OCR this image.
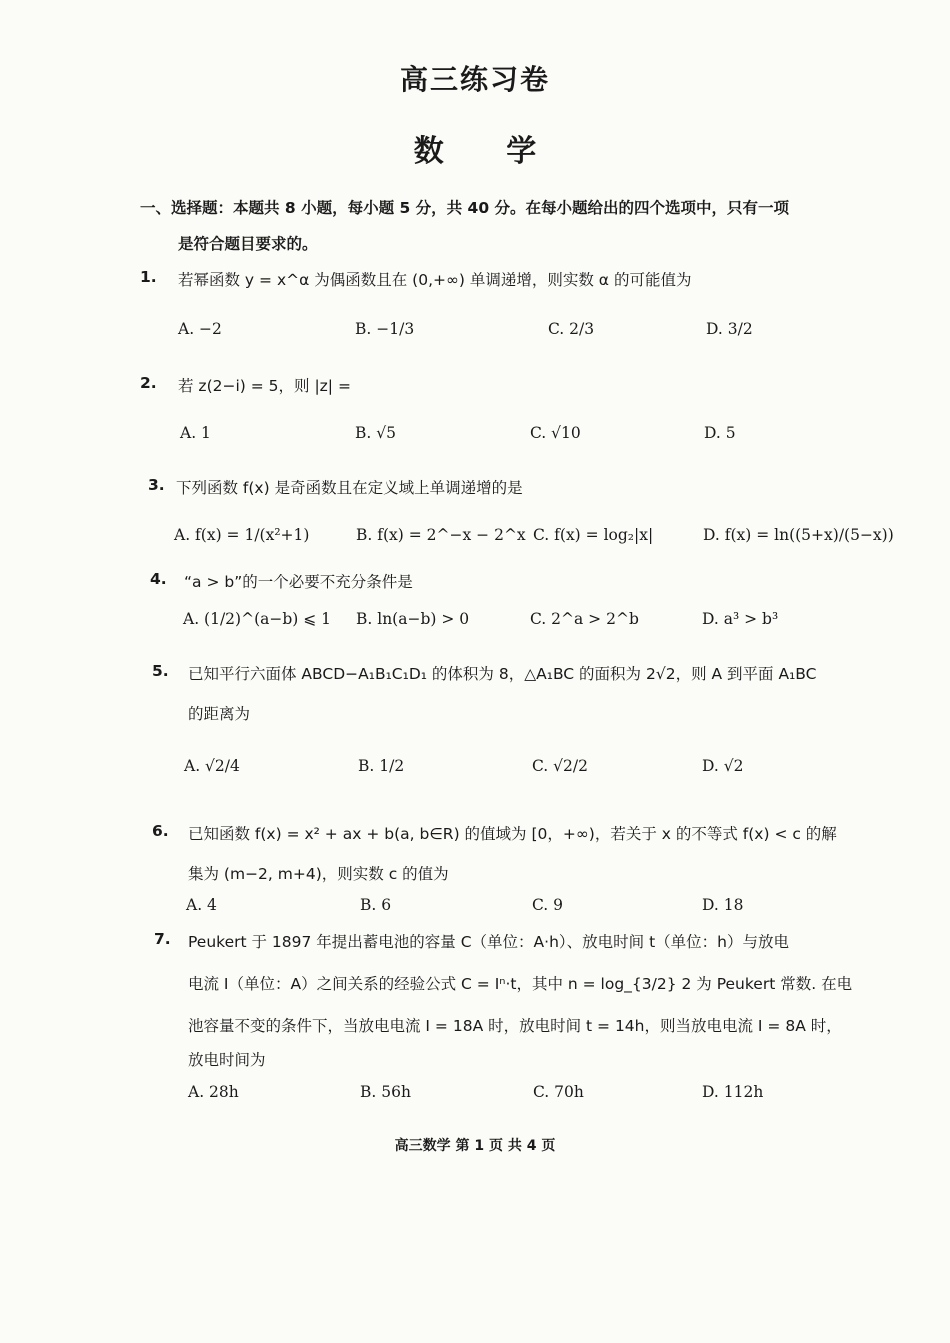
高三练习卷
数 学
一、选择题：本题共 8 小题，每小题 5 分，共 40 分。在每小题给出的四个选项中，只有一项
是符合题目要求的。
1. 若幂函数 y = x^α 为偶函数且在 (0,+∞) 单调递增，则实数 α 的可能值为
A. −2	B. −1/3	C. 2/3	D. 3/2
2. 若 z(2−i) = 5，则 |z| =
A. 1	B. √5	C. √10	D. 5
3. 下列函数 f(x) 是奇函数且在定义域上单调递增的是
A. f(x) = 1/(x²+1)	B. f(x) = 2^−x − 2^x C. f(x) = log₂|x|	D. f(x) = ln((5+x)/(5−x))
4. “a > b”的一个必要不充分条件是
A. (1/2)^(a−b) ⩽ 1 B. ln(a−b) > 0	C. 2^a > 2^b	D. a³ > b³
5. 已知平行六面体 ABCD−A₁B₁C₁D₁ 的体积为 8，△A₁BC 的面积为 2√2，则 A 到平面 A₁BC
的距离为
A. √2/4	B. 1/2	C. √2/2	D. √2
6. 已知函数 f(x) = x² + ax + b(a, b∈R) 的值域为 [0，+∞)，若关于 x 的不等式 f(x) < c 的解
集为 (m−2, m+4)，则实数 c 的值为
A. 4	B. 6	C. 9	D. 18
7. Peukert 于 1897 年提出蓄电池的容量 C（单位：A·h）、放电时间 t（单位：h）与放电
电流 I（单位：A）之间关系的经验公式 C = Iⁿ·t，其中 n = log_{3/2} 2 为 Peukert 常数. 在电
池容量不变的条件下，当放电电流 I = 18A 时，放电时间 t = 14h，则当放电电流 I = 8A 时，
放电时间为
A. 28h	B. 56h	C. 70h	D. 112h
高三数学 第 1 页 共 4 页
